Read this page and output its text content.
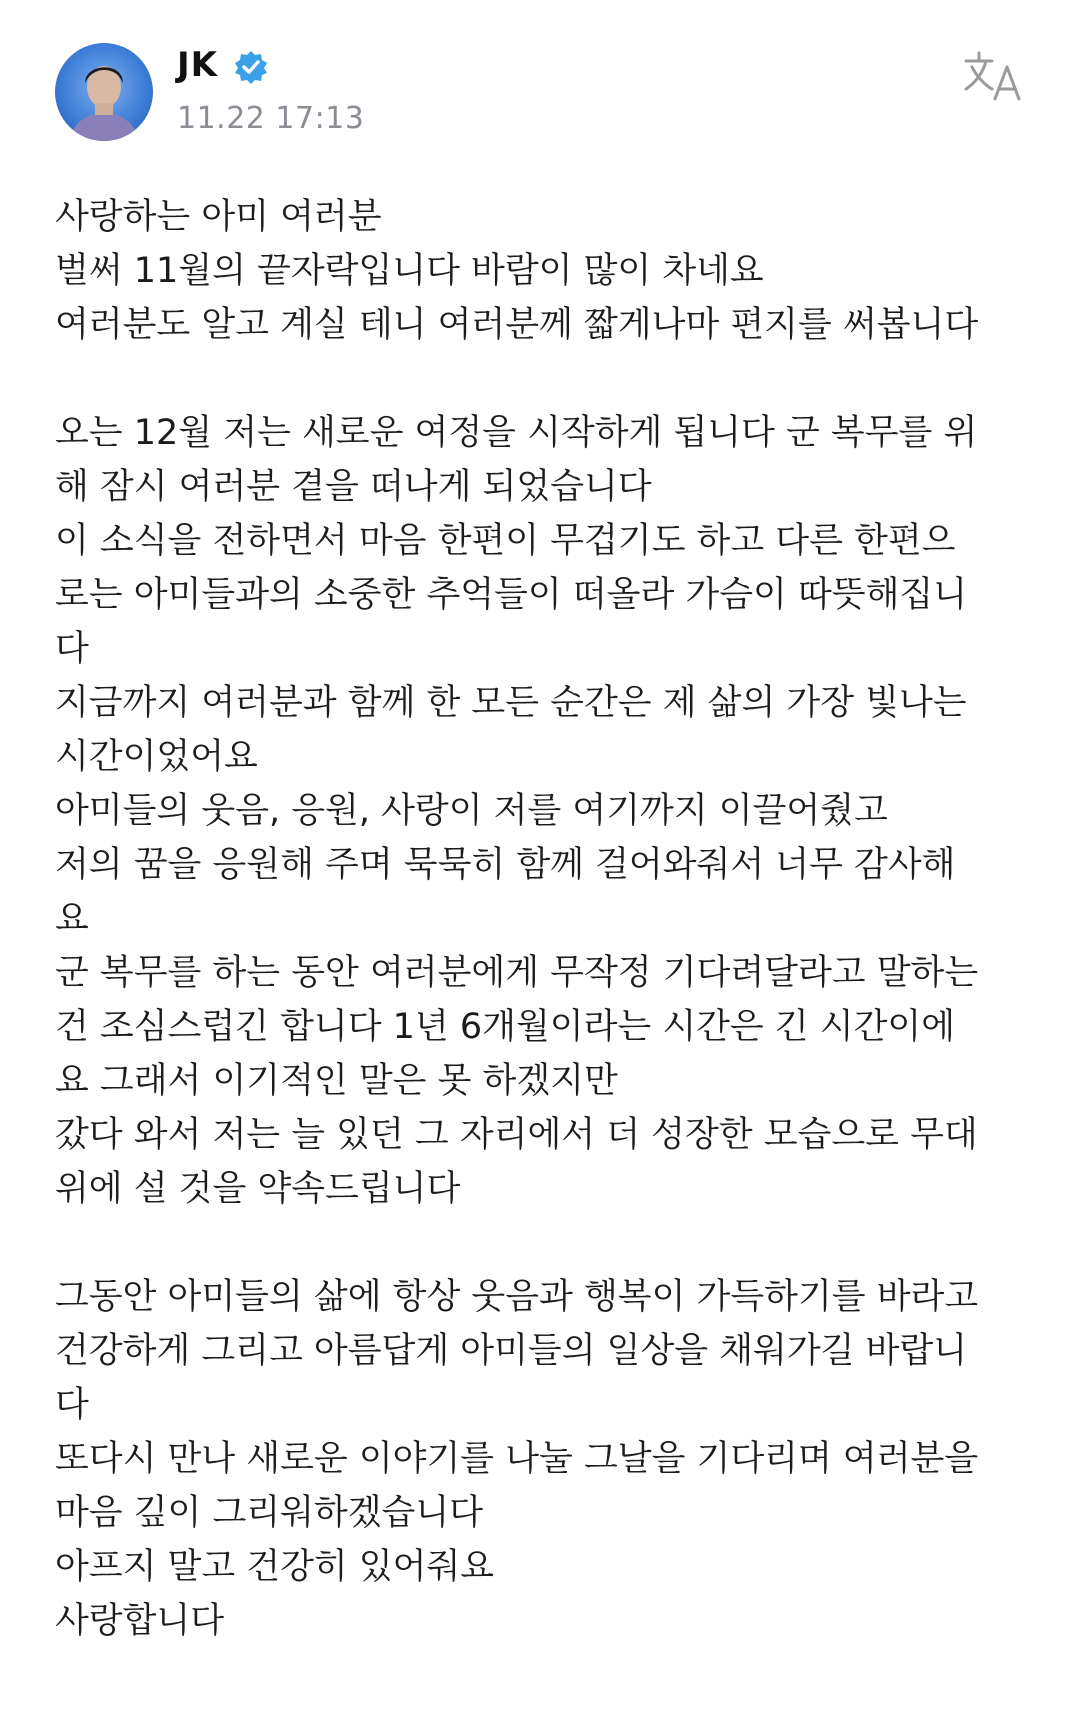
JK
11.22 17:13
사랑하는 아미 여러분
벌써 11월의 끝자락입니다 바람이 많이 차네요
여러분도 알고 계실 테니 여러분께 짧게나마 편지를 써봅니다
오는 12월 저는 새로운 여정을 시작하게 됩니다 군 복무를 위
해 잠시 여러분 곁을 떠나게 되었습니다
이 소식을 전하면서 마음 한편이 무겁기도 하고 다른 한편으
로는 아미들과의 소중한 추억들이 떠올라 가슴이 따뜻해집니
다
지금까지 여러분과 함께 한 모든 순간은 제 삶의 가장 빛나는
시간이었어요
아미들의 웃음, 응원, 사랑이 저를 여기까지 이끌어줬고
저의 꿈을 응원해 주며 묵묵히 함께 걸어와줘서 너무 감사해
요
군 복무를 하는 동안 여러분에게 무작정 기다려달라고 말하는
건 조심스럽긴 합니다 1년 6개월이라는 시간은 긴 시간이에
요 그래서 이기적인 말은 못 하겠지만
갔다 와서 저는 늘 있던 그 자리에서 더 성장한 모습으로 무대
위에 설 것을 약속드립니다
그동안 아미들의 삶에 항상 웃음과 행복이 가득하기를 바라고
건강하게 그리고 아름답게 아미들의 일상을 채워가길 바랍니
다
또다시 만나 새로운 이야기를 나눌 그날을 기다리며 여러분을
마음 깊이 그리워하겠습니다
아프지 말고 건강히 있어줘요
사랑합니다
